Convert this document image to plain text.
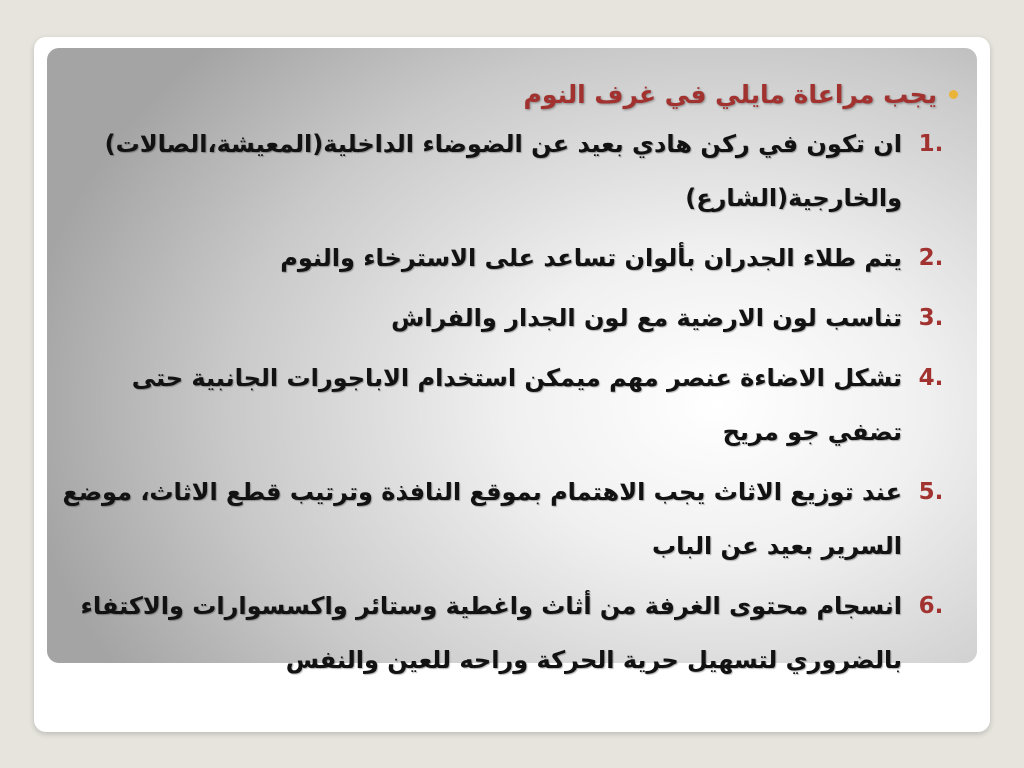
يجب مراعاة مايلي في غرف النوم
1.
ان تكون في ركن هادي بعيد عن الضوضاء الداخلية(المعيشة،الصالات) والخارجية(الشارع)
2.
يتم طلاء الجدران بألوان تساعد على الاسترخاء والنوم
3.
تناسب لون الارضية مع لون الجدار والفراش
4.
تشكل الاضاءة عنصر مهم ميمكن استخدام الاباجورات الجانبية حتى تضفي جو مريح
5.
عند توزيع الاثاث يجب الاهتمام بموقع النافذة وترتيب قطع الاثاث، موضع السرير بعيد عن الباب
6.
انسجام محتوى الغرفة من أثاث واغطية وستائر واكسسوارات والاكتفاء بالضروري لتسهيل حرية الحركة وراحه للعين والنفس
